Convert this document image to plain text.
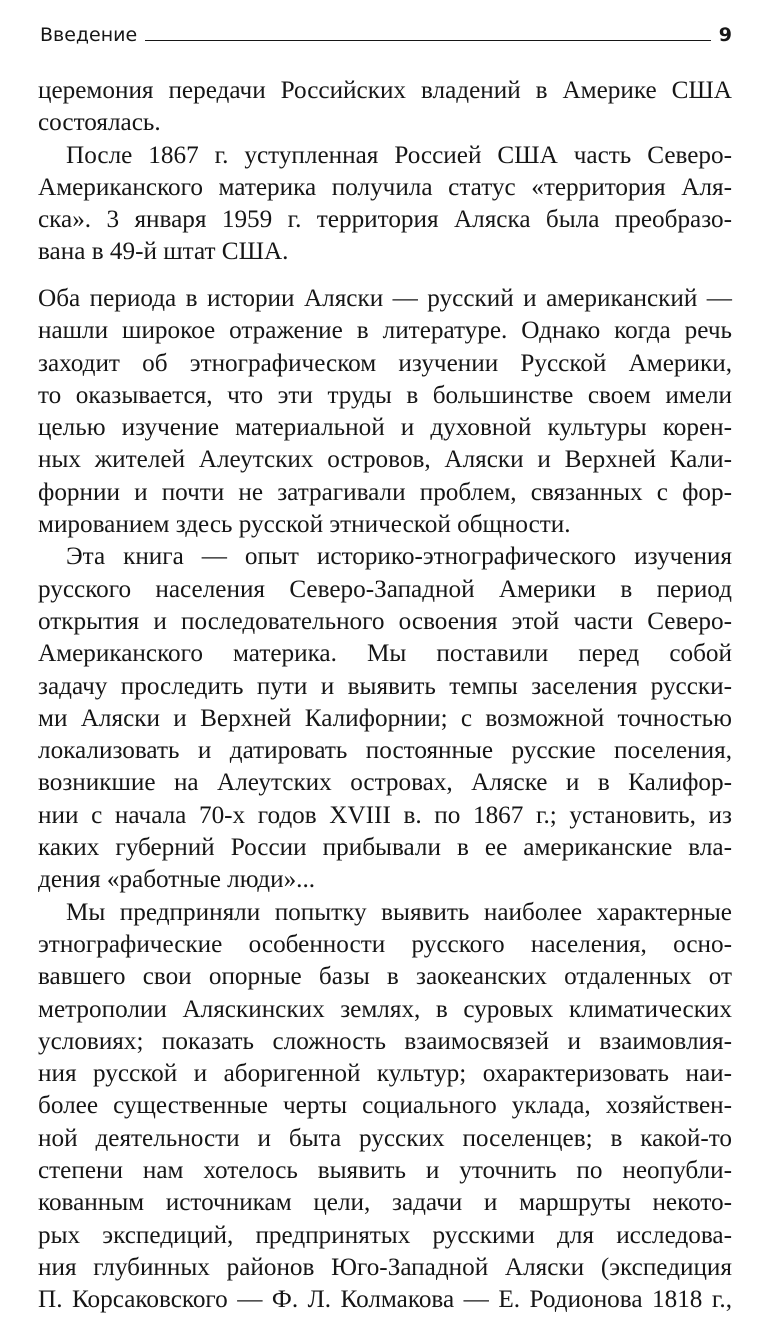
Введение	9

церемония передачи Российских владений в Америке США

состоялась.

После 1867 г. уступленная Россией США часть Северо-

Американского материка получила статус «территория Аля-

ска». 3 января 1959 г. территория Аляска была преобразо-

вана в 49-й штат США.

Оба периода в истории Аляски — русский и американский —

нашли широкое отражение в литературе. Однако когда речь

заходит об этнографическом изучении Русской Америки,

то оказывается, что эти труды в большинстве своем имели

целью изучение материальной и духовной культуры корен-

ных жителей Алеутских островов, Аляски и Верхней Кали-

форнии и почти не затрагивали проблем, связанных с фор-

мированием здесь русской этнической общности.

Эта книга — опыт историко-этнографического изучения

русского населения Северо-Западной Америки в период

открытия и последовательного освоения этой части Северо-

Американского материка. Мы поставили перед собой

задачу проследить пути и выявить темпы заселения русски-

ми Аляски и Верхней Калифорнии; с возможной точностью

локализовать и датировать постоянные русские поселения,

возникшие на Алеутских островах, Аляске и в Калифор-

нии с начала 70-х годов XVIII в. по 1867 г.; установить, из

каких губерний России прибывали в ее американские вла-

дения «работные люди»...

Мы предприняли попытку выявить наиболее характерные

этнографические особенности русского населения, осно-

вавшего свои опорные базы в заокеанских отдаленных от

метрополии Аляскинских землях, в суровых климатических

условиях; показать сложность взаимосвязей и взаимовлия-

ния русской и аборигенной культур; охарактеризовать наи-

более существенные черты социального уклада, хозяйствен-

ной деятельности и быта русских поселенцев; в какой-то

степени нам хотелось выявить и уточнить по неопубли-

кованным источникам цели, задачи и маршруты некото-

рых экспедиций, предпринятых русскими для исследова-

ния глубинных районов Юго-Западной Аляски (экспедиция

П. Корсаковского — Ф. Л. Колмакова — Е. Родионова 1818 г.,
